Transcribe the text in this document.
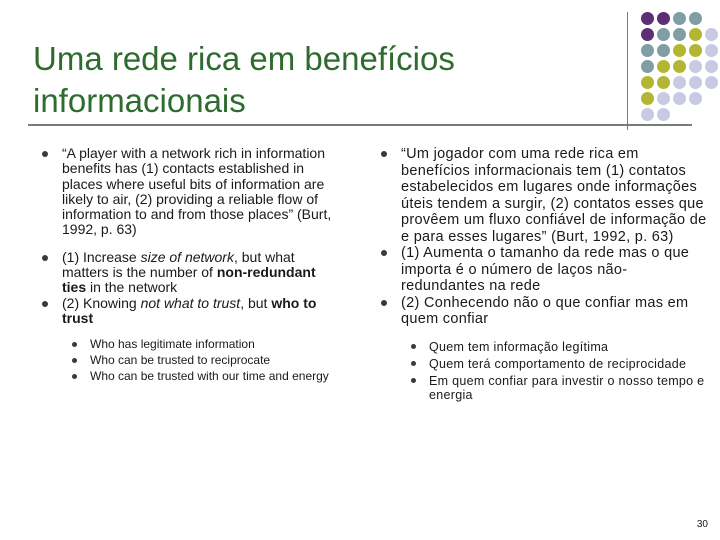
Uma rede rica em benefícios informacionais
“A player with a network rich in information benefits has (1) contacts established in places where useful bits of information are likely to air, (2) providing a reliable flow of information to and from those places” (Burt, 1992, p. 63)
(1) Increase size of network, but what matters is the number of non-redundant ties in the network
(2) Knowing not what to trust, but who to trust
Who has legitimate information
Who can be trusted to reciprocate
Who can be trusted with our time and energy
“Um jogador com uma rede rica em benefícios informacionais tem (1) contatos estabelecidos em lugares onde informações úteis tendem a surgir, (2) contatos esses que provêem um fluxo confiável de informação de e para esses lugares” (Burt, 1992, p. 63)
(1) Aumenta o tamanho da rede mas o que importa é o número de laços não-redundantes na rede
(2) Conhecendo não o que confiar mas em quem confiar
Quem tem informação legítima
Quem terá comportamento de reciprocidade
Em quem confiar para investir o nosso tempo e energia
30
